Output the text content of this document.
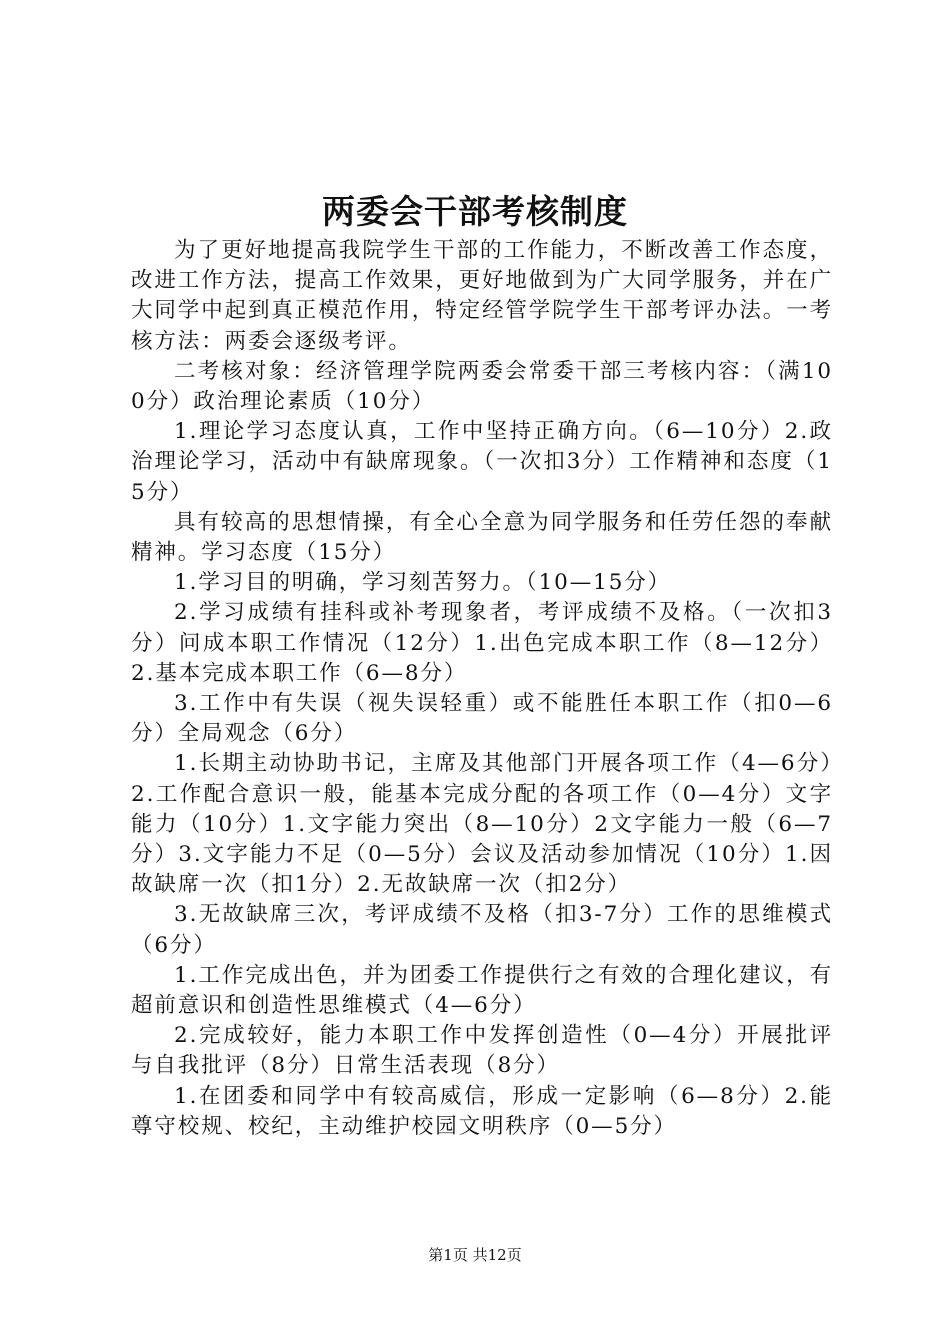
两委会干部考核制度

为了更好地提高我院学生干部的工作能力，不断改善工作态度，改进工作方法，提高工作效果，更好地做到为广大同学服务，并在广大同学中起到真正模范作用，特定经管学院学生干部考评办法。一考核方法：两委会逐级考评。

二考核对象：经济管理学院两委会常委干部三考核内容：（满100分）政治理论素质（10分）

1.理论学习态度认真，工作中坚持正确方向。（6—10分）2.政治理论学习，活动中有缺席现象。（一次扣3分）工作精神和态度（15分）

具有较高的思想情操，有全心全意为同学服务和任劳任怨的奉献精神。学习态度（15分）

1.学习目的明确，学习刻苦努力。（10—15分）

2.学习成绩有挂科或补考现象者，考评成绩不及格。（一次扣3分）问成本职工作情况（12分）1.出色完成本职工作（8—12分）2.基本完成本职工作（6—8分）

3.工作中有失误（视失误轻重）或不能胜任本职工作（扣0—6分）全局观念（6分）

1.长期主动协助书记，主席及其他部门开展各项工作（4—6分）2.工作配合意识一般，能基本完成分配的各项工作（0—4分）文字能力（10分）1.文字能力突出（8—10分）2文字能力一般（6—7分）3.文字能力不足（0—5分）会议及活动参加情况（10分）1.因故缺席一次（扣1分）2.无故缺席一次（扣2分）

3.无故缺席三次，考评成绩不及格（扣3-7分）工作的思维模式（6分）

1.工作完成出色，并为团委工作提供行之有效的合理化建议，有超前意识和创造性思维模式（4—6分）

2.完成较好，能力本职工作中发挥创造性（0—4分）开展批评与自我批评（8分）日常生活表现（8分）

1.在团委和同学中有较高威信，形成一定影响（6—8分）2.能尊守校规、校纪，主动维护校园文明秩序（0—5分）

第1页 共12页
